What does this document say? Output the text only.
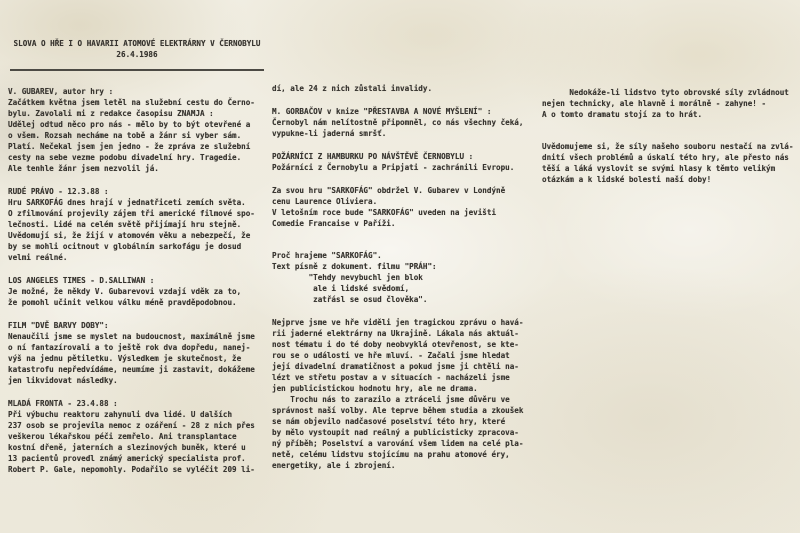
SLOVA O HŘE I O HAVARII ATOMOVÉ ELEKTRÁRNY V ČERNOBYLU
26.4.1986
V. GUBAREV, autor hry :
Začátkem května jsem letěl na služební cestu do Černo-
bylu. Zavolali mi z redakce časopisu ZNAMJA :
Udělej odtud něco pro nás - mělo by to být otevřené a
o všem. Rozsah necháme na tobě a žánr si vyber sám.
Platí. Nečekal jsem jen jedno - že zpráva ze služební
cesty na sebe vezme podobu divadelní hry. Tragedie.
Ale tenhle žánr jsem nezvolil já.
RUDÉ PRÁVO - 12.3.88 :
Hru SARKOFÁG dnes hrají v jednatřiceti zemích světa.
O zfilmování projevily zájem tři americké filmové spo-
lečnosti. Lidé na celém světě přijímají hru stejně.
Uvědomují si, že žijí v atomovém věku a nebezpečí, že
by se mohli ocitnout v globálním sarkofágu je dosud
velmi reálné.
LOS ANGELES TIMES - D.SALLIWAN :
Je možné, že někdy V. Gubarevovi vzdají vděk za to,
že pomohl učinit velkou válku méně pravděpodobnou.
FILM "DVĚ BARVY DOBY":
Nenaučili jsme se myslet na budoucnost, maximálně jsme
o ní fantazírovali a to ještě rok dva dopředu, nanej-
výš na jednu pětiletku. Výsledkem je skutečnost, že
katastrofu nepředvídáme, neumíme ji zastavit, dokážeme
jen likvidovat následky.
MLADÁ FRONTA - 23.4.88 :
Při výbuchu reaktoru zahynuli dva lidé. U dalších
237 osob se projevila nemoc z ozáření - 28 z nich přes
veškerou lékařskou péči zemřelo. Ani transplantace
kostní dřeně, jaterních a slezinových buněk, které u
13 pacientů provedl známý americký specialista prof.
Robert P. Gale, nepomohly. Podařilo se vyléčit 209 li-
dí, ale 24 z nich zůstali invalidy.
M. GORBAČOV v knize "PŘESTAVBA A NOVÉ MYŠLENÍ" :
Černobyl nám nelítostně připomněl, co nás všechny čeká,
vypukne-li jaderná smršť.
POŽÁRNÍCI Z HAMBURKU PO NÁVŠTĚVĚ ČERNOBYLU :
Požárníci z Černobylu a Pripjati - zachránili Evropu.
Za svou hru "SARKOFÁG" obdržel V. Gubarev v Londýně
cenu Laurence Oliviera.
V letošním roce bude "SARKOFÁG" uveden na jevišti
Comedie Francaise v Paříži.
Proč hrajeme "SARKOFÁG".
Text písně z dokument. filmu "PRÁH":
"Tehdy nevybuchl jen blok
ale i lidské svědomí,
zatřásl se osud člověka".
Nejprve jsme ve hře viděli jen tragickou zprávu o havá-
rii jaderné elektrárny na Ukrajině. Lákala nás aktuál-
nost tématu i do té doby neobvyklá otevřenost, se kte-
rou se o události ve hře mluví. - Začali jsme hledat
její divadelní dramatičnost a pokud jsme ji chtěli na-
lézt ve střetu postav a v situacích - nacházeli jsme
jen publicistickou hodnotu hry, ale ne drama.
Trochu nás to zarazilo a ztráceli jsme důvěru ve
správnost naší volby. Ale teprve během studia a zkoušek
se nám objevilo nadčasové poselství této hry, které
by mělo vystoupit nad reálný a publicisticky zpracova-
ný příběh; Poselství a varování všem lidem na celé pla-
netě, celému lidstvu stojícímu na prahu atomové éry,
energetiky, ale i zbrojení.
Nedokáže-li lidstvo tyto obrovské síly zvládnout
nejen technicky, ale hlavně i morálně - zahyne! -
A o tomto dramatu stojí za to hrát.
Uvědomujeme si, že síly našeho souboru nestačí na zvlá-
dnití všech problémů a úskalí této hry, ale přesto nás
těší a láká vyslovit se svými hlasy k těmto velikým
otázkám a k lidské bolesti naší doby!
